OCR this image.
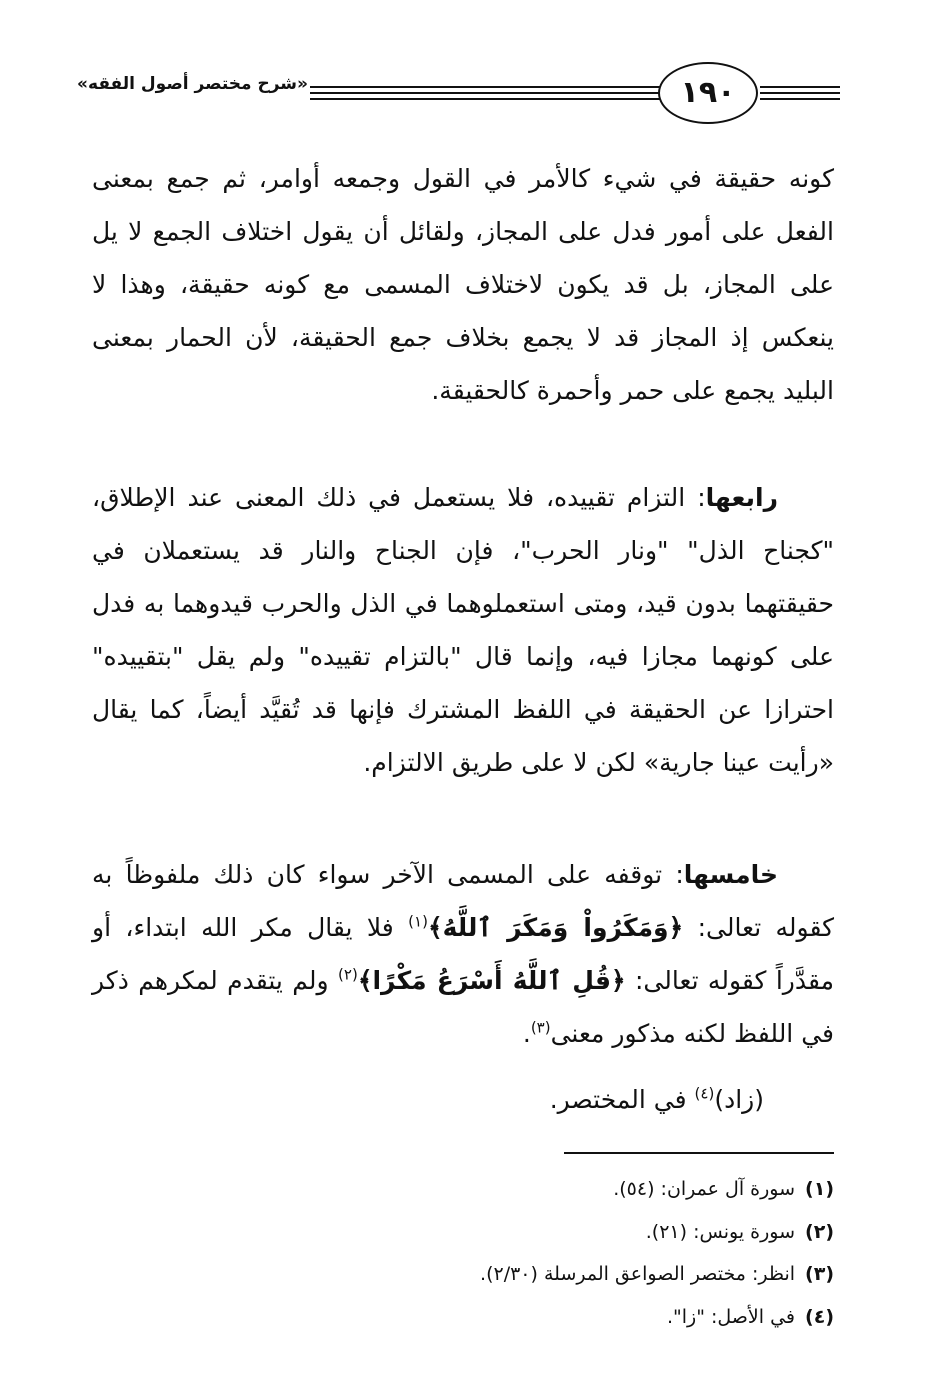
١٩٠
«شرح مختصر أصول الفقه»

كونه حقيقة في شيء كالأمر في القول وجمعه أوامر، ثم جمع بمعنى الفعل على أمور فدل على المجاز، ولقائل أن يقول اختلاف الجمع لا يل على المجاز، بل قد يكون لاختلاف المسمى مع كونه حقيقة، وهذا لا ينعكس إذ المجاز قد لا يجمع بخلاف جمع الحقيقة، لأن الحمار بمعنى البليد يجمع على حمر وأحمرة كالحقيقة.

رابعها: التزام تقييده، فلا يستعمل في ذلك المعنى عند الإطلاق، "كجناح الذل" "ونار الحرب"، فإن الجناح والنار قد يستعملان في حقيقتهما بدون قيد، ومتى استعملوهما في الذل والحرب قيدوهما به فدل على كونهما مجازا فيه، وإنما قال "بالتزام تقييده" ولم يقل "بتقييده" احترازا عن الحقيقة في اللفظ المشترك فإنها قد تُقيَّد أيضاً، كما يقال «رأيت عينا جارية» لكن لا على طريق الالتزام.

خامسها: توقفه على المسمى الآخر سواء كان ذلك ملفوظاً به كقوله تعالى: ﴿وَمَكَرُواْ وَمَكَرَ ٱللَّهُ﴾$^{(١)}$ فلا يقال مكر الله ابتداء، أو مقدَّراً كقوله تعالى: ﴿قُلِ ٱللَّهُ أَسْرَعُ مَكْرًا﴾$^{(٢)}$ ولم يتقدم لمكرهم ذكر في اللفظ لكنه مذكور معنى$^{(٣)}$.

(زاد)$^{(٤)}$ في المختصر.

(١)سورة آل عمران: (٥٤).
(٢)سورة يونس: (٢١).
(٣)انظر: مختصر الصواعق المرسلة (٢/٣٠).
(٤)في الأصل: "زا".
